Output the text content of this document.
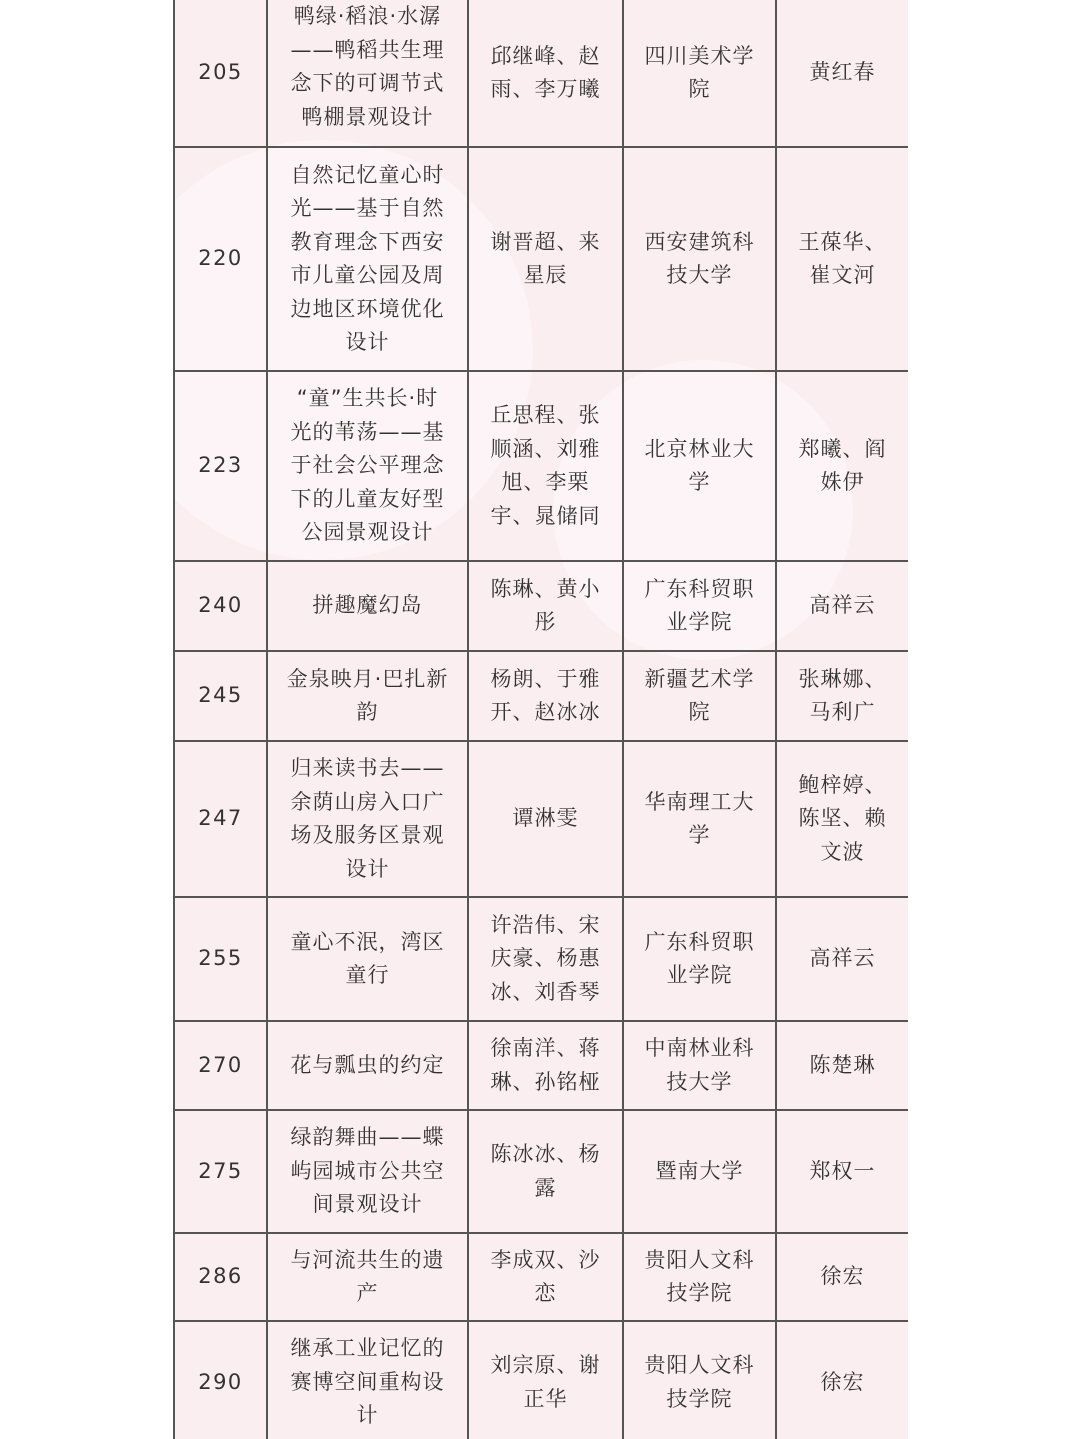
205	鸭绿·稻浪·水潺——鸭稻共生理念下的可调节式鸭棚景观设计	邱继峰、赵雨、李万曦	四川美术学院	黄红春
220	自然记忆童心时光——基于自然教育理念下西安市儿童公园及周边地区环境优化设计	谢晋超、来星辰	西安建筑科技大学	王葆华、崔文河
223	“童”生共长·时光的苇荡——基于社会公平理念下的儿童友好型公园景观设计	丘思程、张顺涵、刘雅旭、李栗宇、晁储同	北京林业大学	郑曦、阎姝伊
240	拼趣魔幻岛	陈琳、黄小彤	广东科贸职业学院	高祥云
245	金泉映月·巴扎新韵	杨朗、于雅开、赵冰冰	新疆艺术学院	张琳娜、马利广
247	归来读书去——余荫山房入口广场及服务区景观设计	谭淋雯	华南理工大学	鲍梓婷、陈坚、赖文波
255	童心不泯，湾区童行	许浩伟、宋庆豪、杨惠冰、刘香琴	广东科贸职业学院	高祥云
270	花与瓢虫的约定	徐南洋、蒋琳、孙铭桠	中南林业科技大学	陈楚琳
275	绿韵舞曲——蝶屿园城市公共空间景观设计	陈冰冰、杨露	暨南大学	郑权一
286	与河流共生的遗产	李成双、沙恋	贵阳人文科技学院	徐宏
290	继承工业记忆的赛博空间重构设计	刘宗原、谢正华	贵阳人文科技学院	徐宏
